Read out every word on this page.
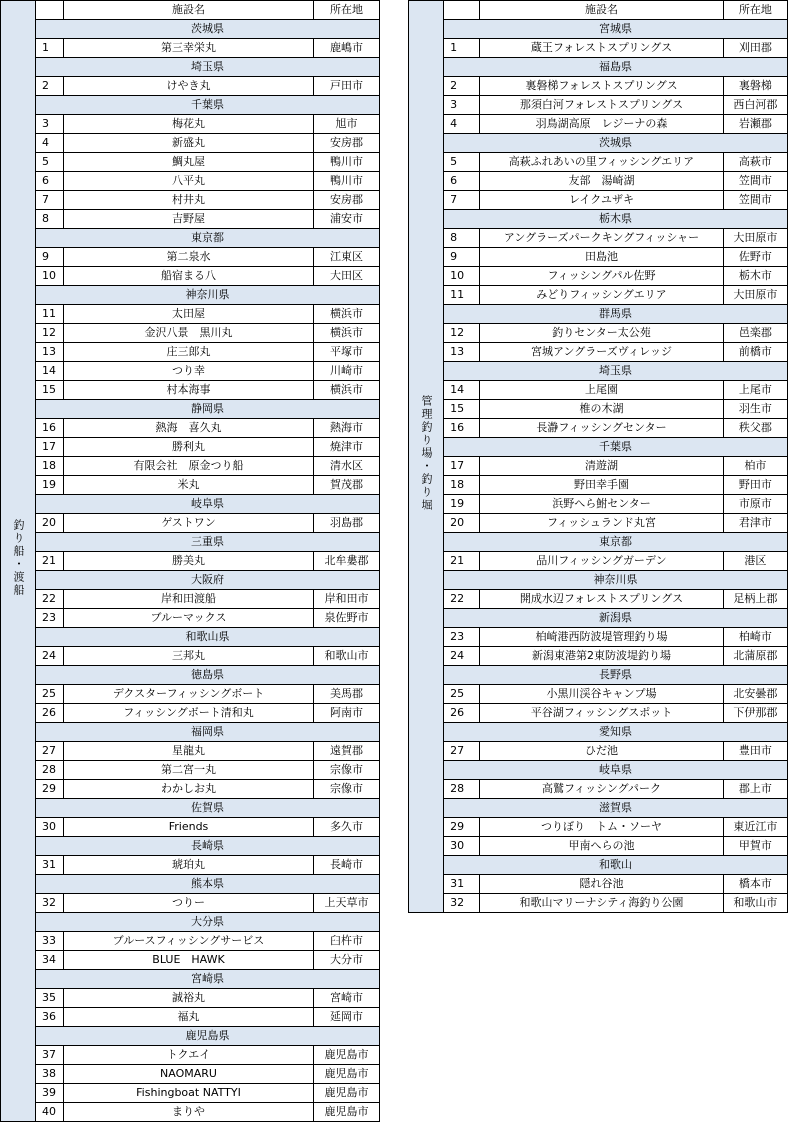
釣り船・渡船		施設名	所在地
	茨城県		
	1	第三幸栄丸	鹿嶋市
	埼玉県		
	2	けやき丸	戸田市
	千葉県		
	3	梅花丸	旭市
	4	新盛丸	安房郡
	5	鯛丸屋	鴨川市
	6	八平丸	鴨川市
	7	村井丸	安房郡
	8	吉野屋	浦安市
	東京都		
	9	第二泉水	江東区
	10	船宿まる八	大田区
	神奈川県		
	11	太田屋	横浜市
	12	金沢八景　黒川丸	横浜市
	13	庄三郎丸	平塚市
	14	つり幸	川崎市
	15	村本海事	横浜市
	静岡県		
	16	熱海　喜久丸	熱海市
	17	勝利丸	焼津市
	18	有限会社　原金つり船	清水区
	19	米丸	賀茂郡
	岐阜県		
	20	ゲストワン	羽島郡
	三重県		
	21	勝美丸	北牟婁郡
	大阪府		
	22	岸和田渡船	岸和田市
	23	ブルーマックス	泉佐野市
	和歌山県		
	24	三邦丸	和歌山市
	徳島県		
	25	デクスターフィッシングボート	美馬郡
	26	フィッシングボート清和丸	阿南市
	福岡県		
	27	星龍丸	遠賀郡
	28	第二宮一丸	宗像市
	29	わかしお丸	宗像市
	佐賀県		
	30	Friends	多久市
	長崎県		
	31	琥珀丸	長崎市
	熊本県		
	32	つりー	上天草市
	大分県		
	33	ブルースフィッシングサービス	臼杵市
	34	BLUE　HAWK	大分市
	宮崎県		
	35	誠裕丸	宮崎市
	36	福丸	延岡市
	鹿児島県		
	37	トクエイ	鹿児島市
	38	NAOMARU	鹿児島市
	39	Fishingboat NATTYI	鹿児島市
	40	まりや	鹿児島市
管理釣り場・釣り堀		施設名	所在地
	宮城県		
	1	蔵王フォレストスプリングス	刈田郡
	福島県		
	2	裏磐梯フォレストスプリングス	裏磐梯
	3	那須白河フォレストスプリングス	西白河郡
	4	羽鳥湖高原　レジーナの森	岩瀬郡
	茨城県		
	5	高萩ふれあいの里フィッシングエリア	高萩市
	6	友部　湯崎湖	笠間市
	7	レイクユザキ	笠間市
	栃木県		
	8	アングラーズパークキングフィッシャー	大田原市
	9	田島池	佐野市
	10	フィッシングパル佐野	栃木市
	11	みどりフィッシングエリア	大田原市
	群馬県		
	12	釣りセンター太公苑	邑楽郡
	13	宮城アングラーズヴィレッジ	前橋市
	埼玉県		
	14	上尾園	上尾市
	15	椎の木湖	羽生市
	16	長瀞フィッシングセンター	秩父郡
	千葉県		
	17	清遊湖	柏市
	18	野田幸手園	野田市
	19	浜野へら鮒センター	市原市
	20	フィッシュランド丸宮	君津市
	東京都		
	21	品川フィッシングガーデン	港区
	神奈川県		
	22	開成水辺フォレストスプリングス	足柄上郡
	新潟県		
	23	柏崎港西防波堤管理釣り場	柏崎市
	24	新潟東港第2東防波堤釣り場	北蒲原郡
	長野県		
	25	小黒川渓谷キャンプ場	北安曇郡
	26	平谷湖フィッシングスポット	下伊那郡
	愛知県		
	27	ひだ池	豊田市
	岐阜県		
	28	高鷲フィッシングパーク	郡上市
	滋賀県		
	29	つりぼり　トム・ソーヤ	東近江市
	30	甲南へらの池	甲賀市
	和歌山		
	31	隠れ谷池	橋本市
	32	和歌山マリーナシティ海釣り公園	和歌山市
